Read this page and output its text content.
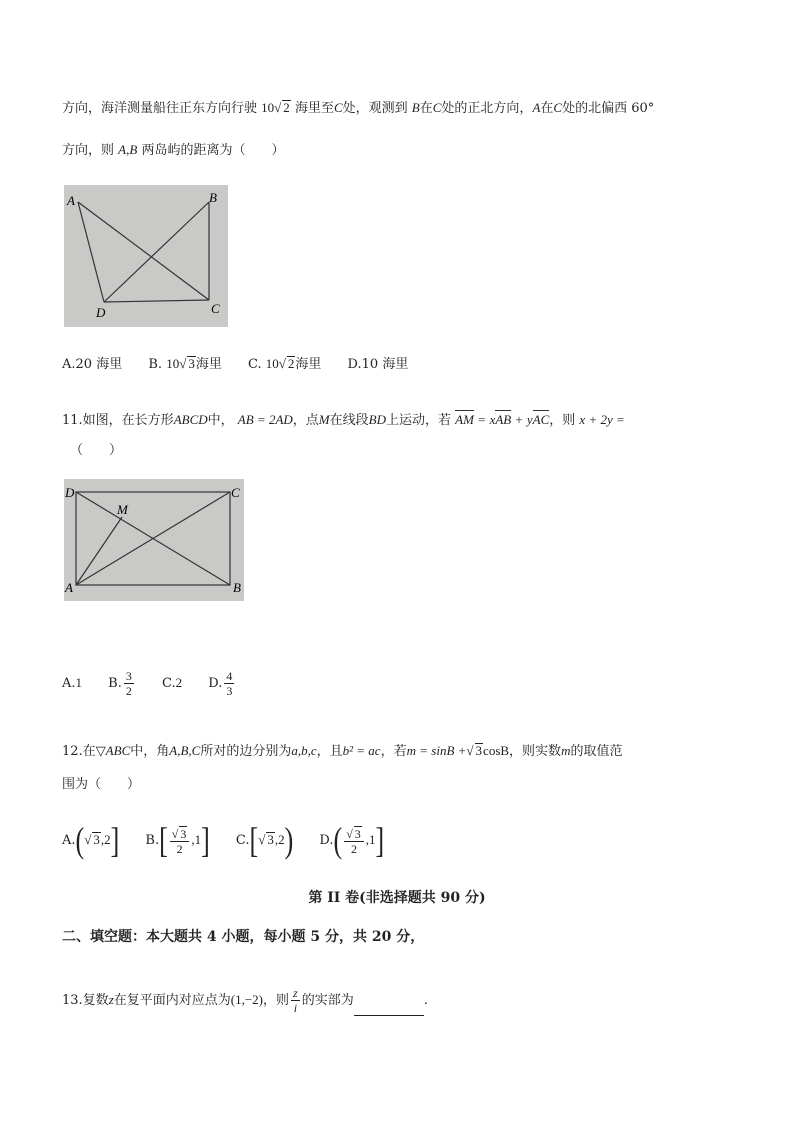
方向，海洋测量船往正东方向行驶 10√ 2 海里至C处，观测到 B在C处的正北方向，A在C处的北偏西 60°
方向，则 A,B 两岛屿的距离为（　　）
A	B
C
D
A.20 海里 B. 10√ 3海里 C. 10√ 2海里 D.10 海里
11.如图，在长方形ABCD中， AB = 2AD，点M在线段BD上运动，若 AM = xAB + yAC，则 x + 2y =
（　　）
D	C
A	B
M
A.1 B. $\frac{3}{2} C.2$ D. $\frac{4}{3}$
12.在▽ABC中，角A,B,C所对的边分别为a,b,c，且b² = ac，若m = sinB +√ 3cosB，则实数m的取值范
围为（　　）
A.(√ 3,2] $B.[ \frac{√ 3}{2} ,1]$ C.[√ 3,2) $D.( \frac{√ 3}{2} ,1]$
第 II 卷(非选择题共 90 分)
二、填空题：本大题共 4 小题，每小题 5 分，共 20 分，
13.复数z在复平面内对应点为(1,−2)，则 $\frac{z}{i}$ 的实部为	.
